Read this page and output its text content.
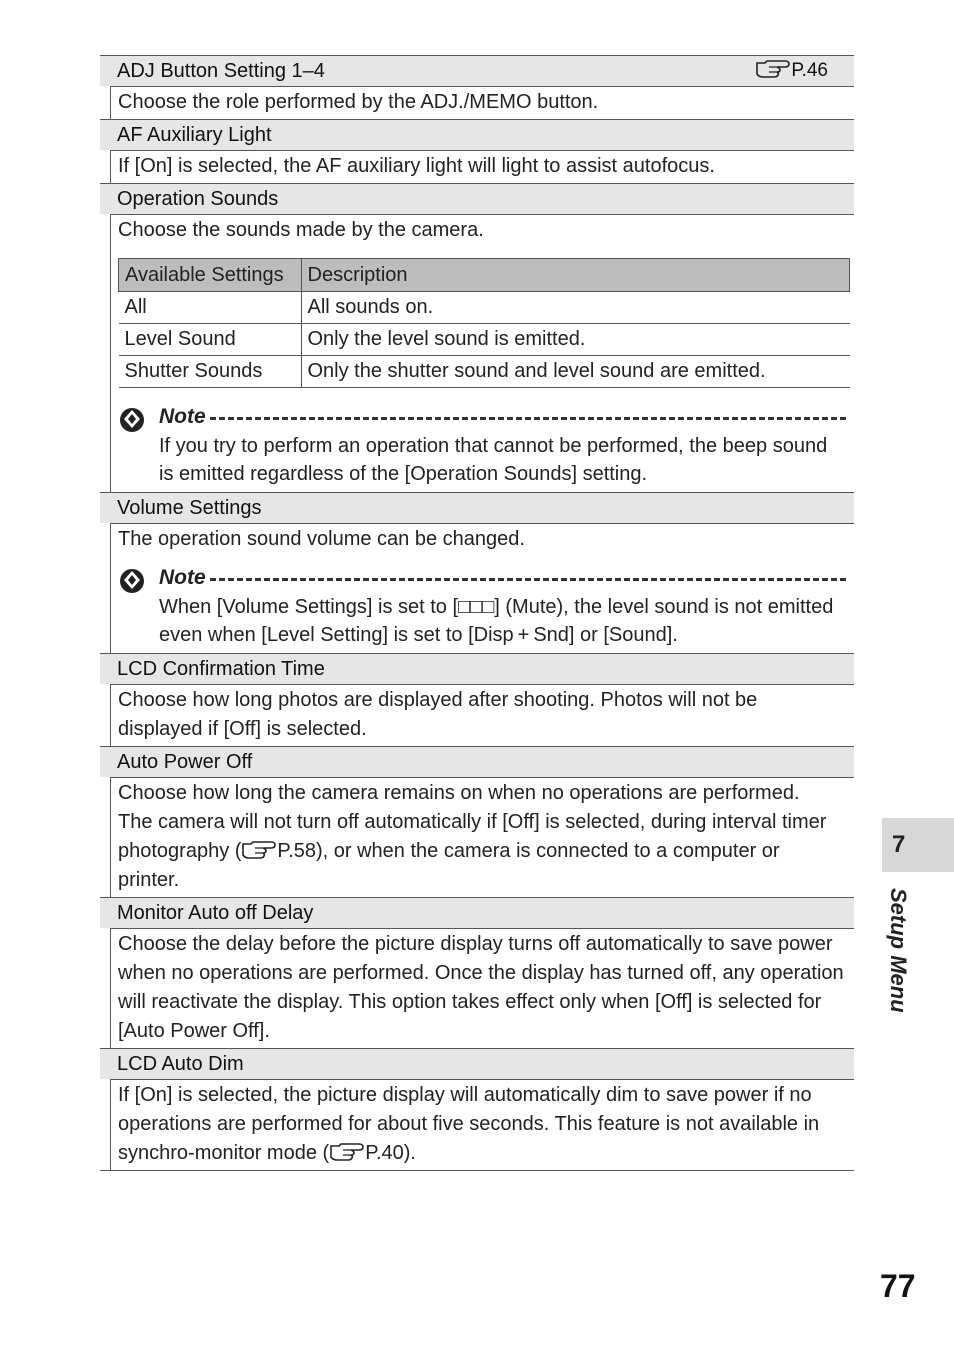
ADJ Button Setting 1–4	P.46

Choose the role performed by the ADJ./MEMO button.

AF Auxiliary Light

If [On] is selected, the AF auxiliary light will light to assist autofocus.

Operation Sounds

Choose the sounds made by the camera.

Available Settings	Description
All	All sounds on.
Level Sound	Only the level sound is emitted.
Shutter Sounds	Only the shutter sound and level sound are emitted.
Note
If you try to perform an operation that cannot be performed, the beep sound is emitted regardless of the [Operation Sounds] setting.
Volume Settings

The operation sound volume can be changed.

Note
When [Volume Settings] is set to [□□□] (Mute), the level sound is not emitted even when [Level Setting] is set to [Disp + Snd] or [Sound].
LCD Confirmation Time

Choose how long photos are displayed after shooting. Photos will not be displayed if [Off] is selected.

Auto Power Off

Choose how long the camera remains on when no operations are performed.

The camera will not turn off automatically if [Off] is selected, during interval timer photography ( P.58), or when the camera is connected to a computer or printer.

Monitor Auto off Delay

Choose the delay before the picture display turns off automatically to save power when no operations are performed. Once the display has turned off, any operation will reactivate the display. This option takes effect only when [Off] is selected for [Auto Power Off].

LCD Auto Dim

If [On] is selected, the picture display will automatically dim to save power if no operations are performed for about five seconds. This feature is not available in synchro-monitor mode ( P.40).

7
Setup Menu
77
